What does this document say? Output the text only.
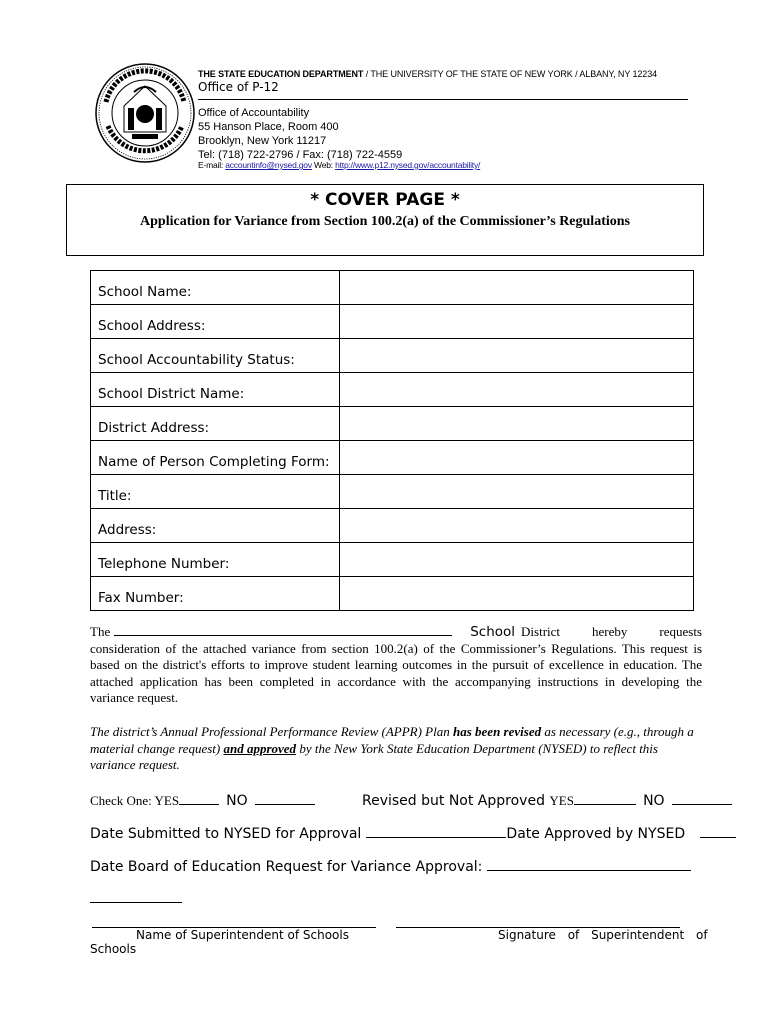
THE STATE EDUCATION DEPARTMENT / THE UNIVERSITY OF THE STATE OF NEW YORK / ALBANY, NY 12234
Office of P-12
Office of Accountability
55 Hanson Place, Room 400
Brooklyn, New York 11217
Tel: (718) 722-2796 / Fax: (718) 722-4559
E-mail: accountinfo@nysed.gov Web: http://www.p12.nysed.gov/accountability/
* COVER PAGE *
Application for Variance from Section 100.2(a) of the Commissioner’s Regulations
School Name:	
School Address:	
School Accountability Status:	
School District Name:	
District Address:	
Name of Person Completing Form:	
Title:	
Address:	
Telephone Number:	
Fax Number:	
The	School District hereby requests
consideration of the attached variance from section 100.2(a) of the Commissioner’s Regulations. This request is based on the district's efforts to improve student learning outcomes in the pursuit of excellence in education. The attached application has been completed in accordance with the accompanying instructions in developing the variance request.
The district’s Annual Professional Performance Review (APPR) Plan has been revised as necessary (e.g., through a material change request) and approved by the New York State Education Department (NYSED) to reflect this variance request.
Check One: YES	NO	Revised but Not Approved YES	NO
Date Submitted to NYSED for Approval	Date Approved by NYSED
Date Board of Education Request for Variance Approval:
Name of Superintendent of Schools	Signature of Superintendent of
Schools
